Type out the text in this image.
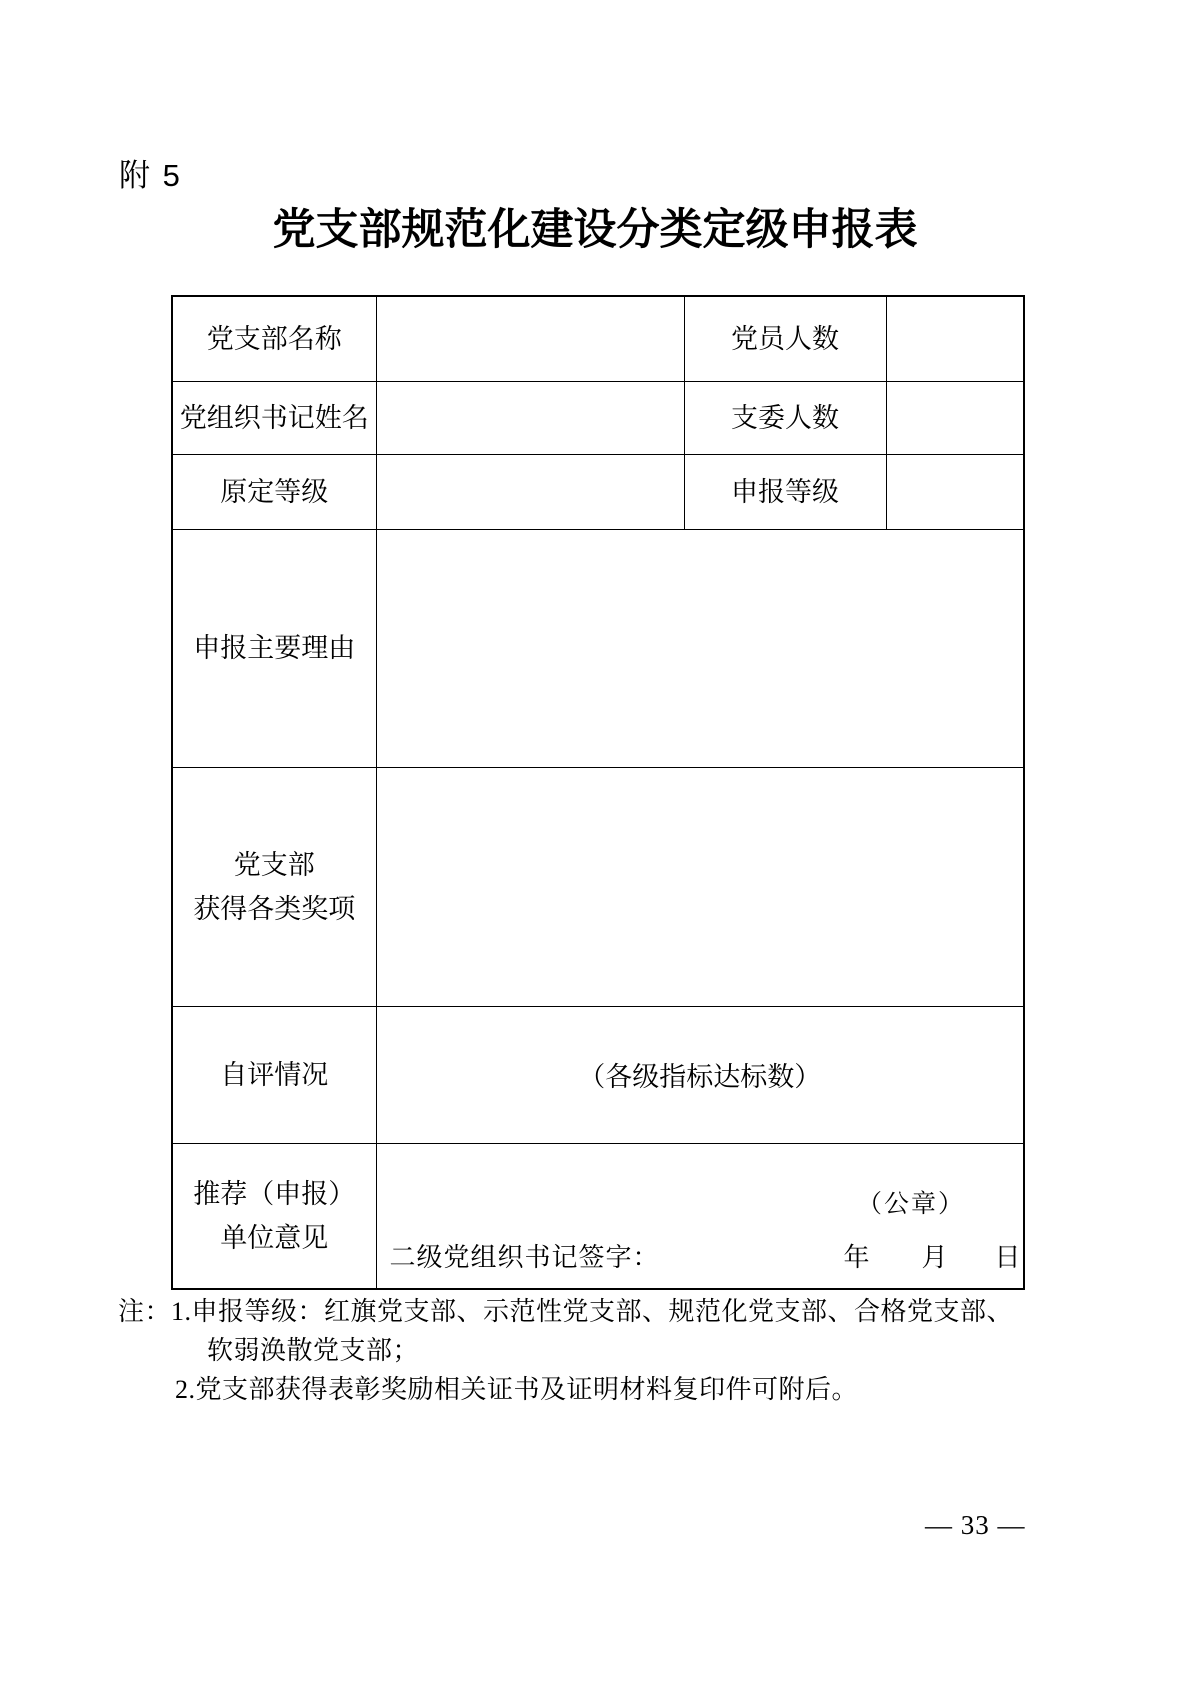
附 5
党支部规范化建设分类定级申报表
党支部名称		党员人数	
党组织书记姓名		支委人数	
原定等级		申报等级	
申报主要理由			

党支部
获得各类奖项			

自评情况	（各级指标达标数）		

推荐（申报）
单位意见

（公章）
二级党组织书记签字：	年 月 日
注：1.申报等级：红旗党支部、示范性党支部、规范化党支部、合格党支部、
软弱涣散党支部；
2.党支部获得表彰奖励相关证书及证明材料复印件可附后。
— 33 —
